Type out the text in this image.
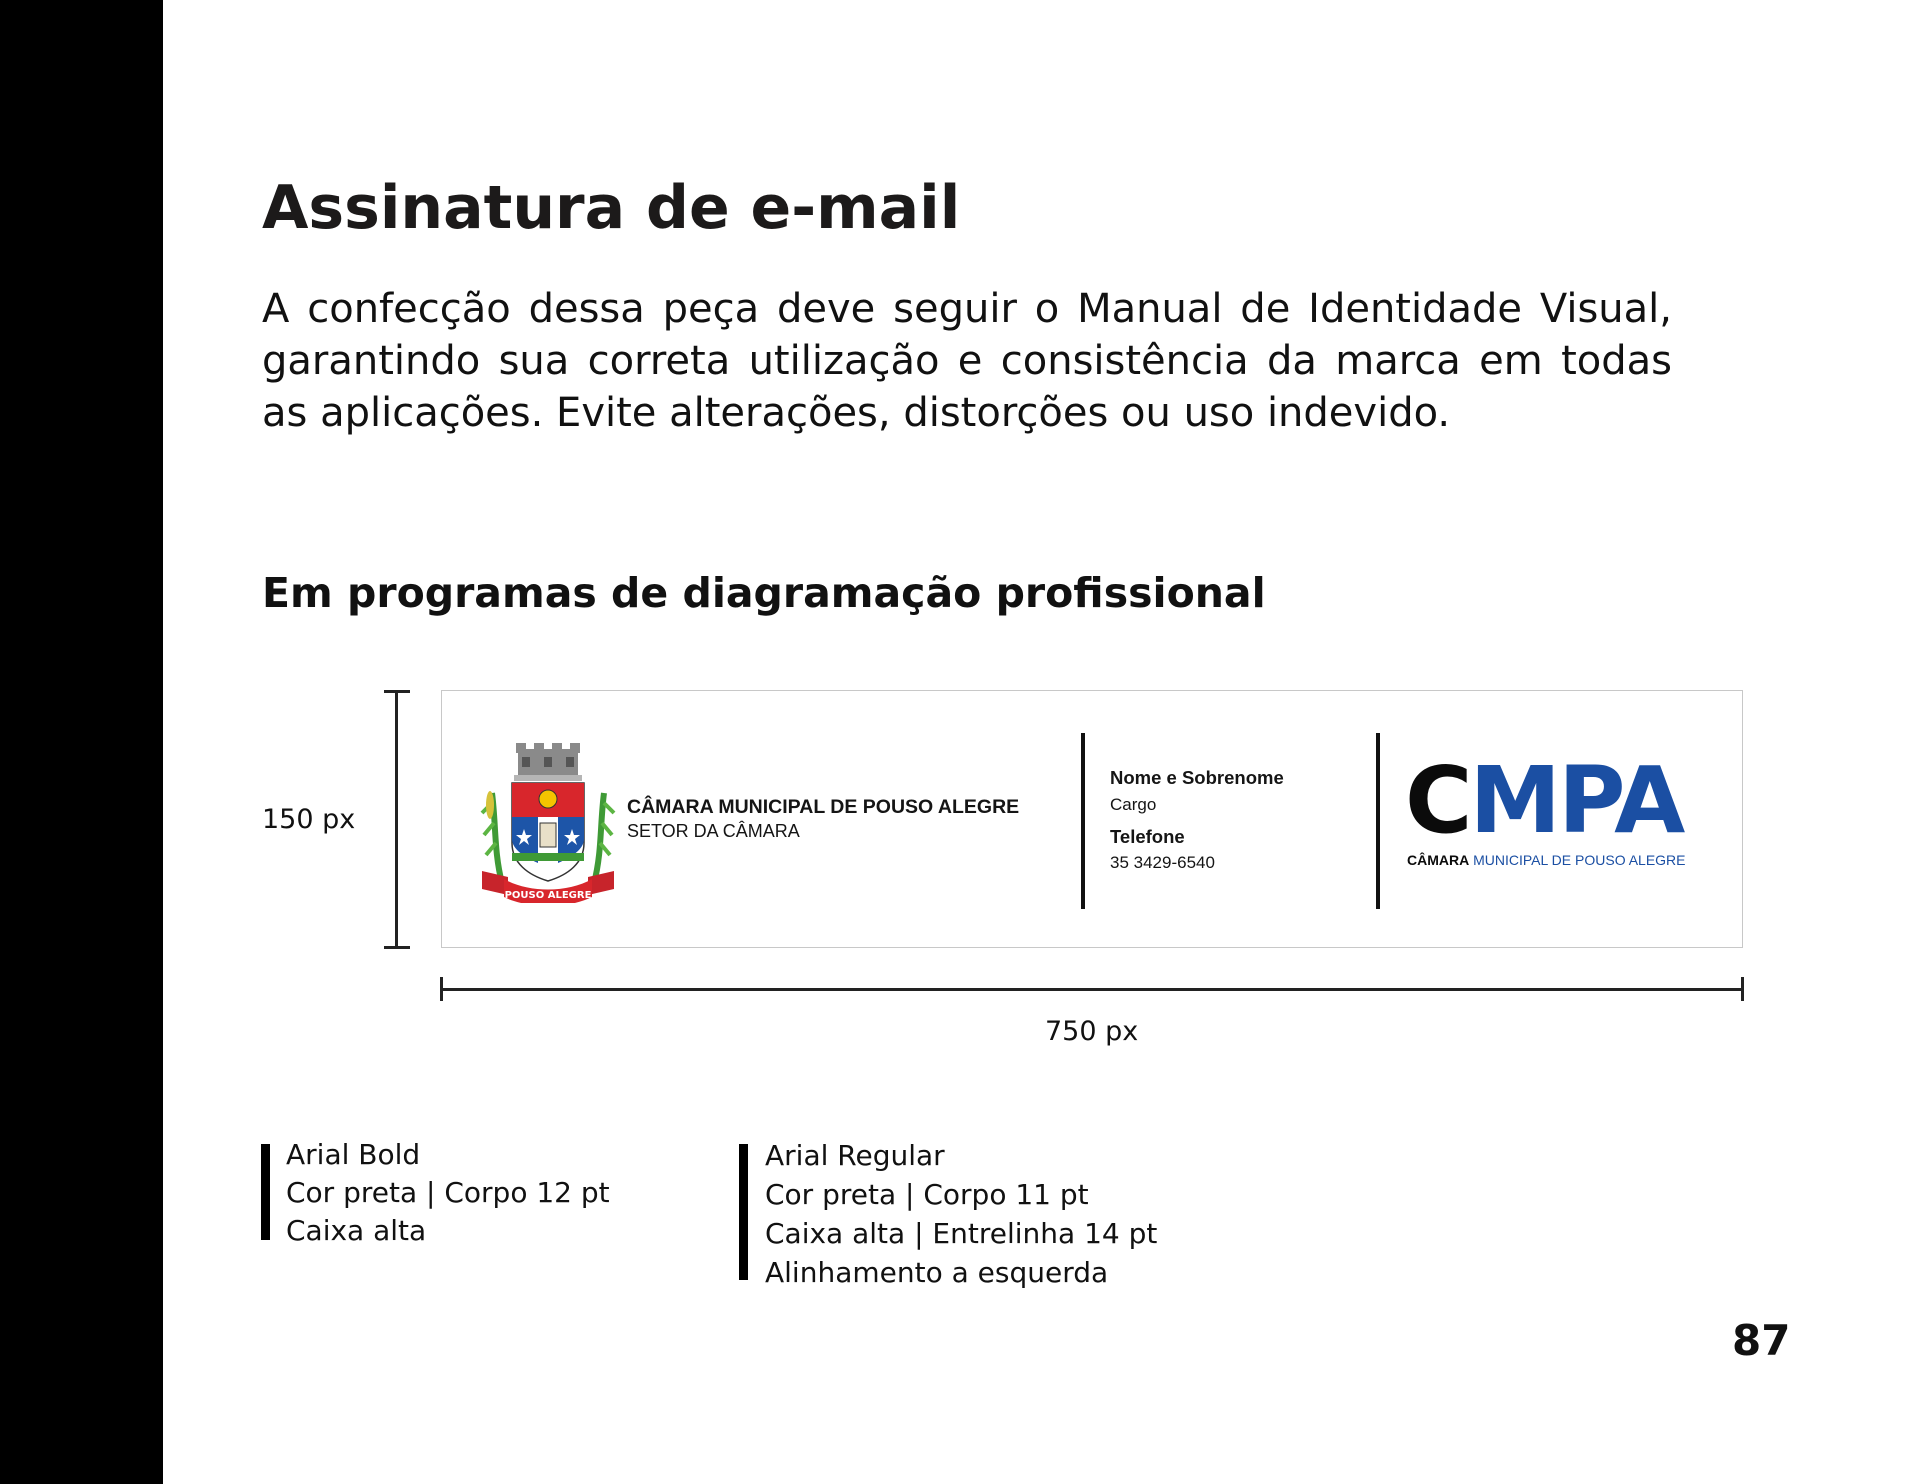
Assinatura de e-mail

A confecção dessa peça deve seguir o Manual de Identidade Visual, garantindo sua correta utilização e consistência da marca em todas as aplicações. Evite alterações, distorções ou uso indevido.

Em programas de diagramação profissional
150 px
POUSO ALEGRE
CÂMARA MUNICIPAL DE POUSO ALEGRE
SETOR DA CÂMARA
Nome e Sobrenome
Cargo
Telefone
35 3429-6540
CMPA
CÂMARA MUNICIPAL DE POUSO ALEGRE
750 px
Arial Bold
Cor preta | Corpo 12 pt
Caixa alta
Arial Regular
Cor preta | Corpo 11 pt
Caixa alta | Entrelinha 14 pt
Alinhamento a esquerda
87
